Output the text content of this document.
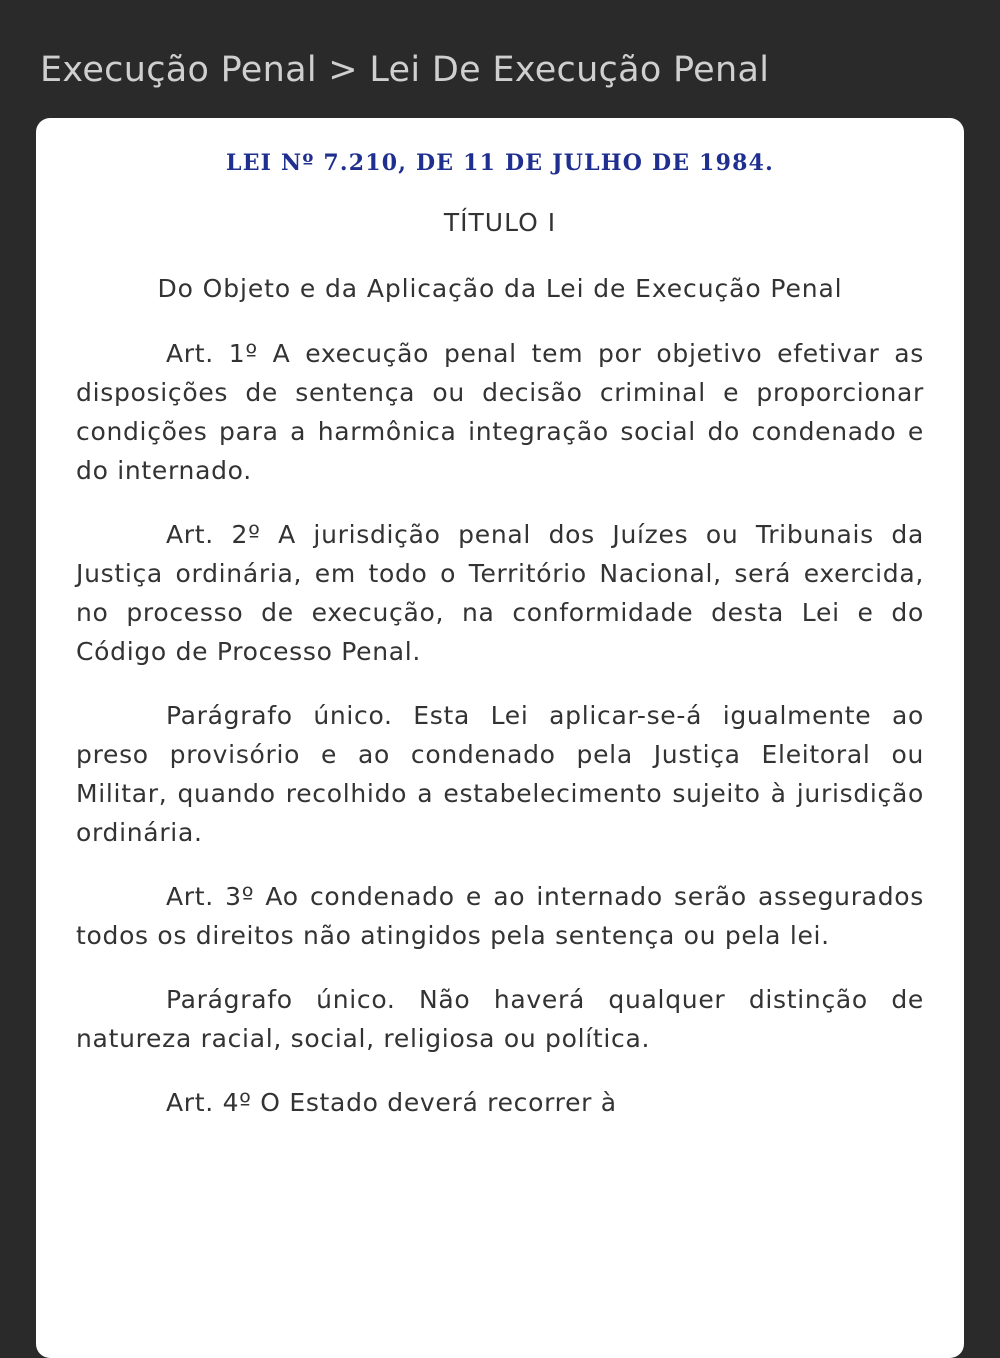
Execução Penal > Lei De Execução Penal

LEI Nº 7.210, DE 11 DE JULHO DE 1984.

TÍTULO I

Do Objeto e da Aplicação da Lei de Execução Penal

Art. 1º A execução penal tem por objetivo efetivar as disposições de sentença ou decisão criminal e proporcionar condições para a harmônica integração social do condenado e do internado.

Art. 2º A jurisdição penal dos Juízes ou Tribunais da Justiça ordinária, em todo o Território Nacional, será exercida, no processo de execução, na conformidade desta Lei e do Código de Processo Penal.

Parágrafo único. Esta Lei aplicar-se-á igualmente ao preso provisório e ao condenado pela Justiça Eleitoral ou Militar, quando recolhido a estabelecimento sujeito à jurisdição ordinária.

Art. 3º Ao condenado e ao internado serão assegurados todos os direitos não atingidos pela sentença ou pela lei.

Parágrafo único. Não haverá qualquer distinção de natureza racial, social, religiosa ou política.

Art. 4º O Estado deverá recorrer à
